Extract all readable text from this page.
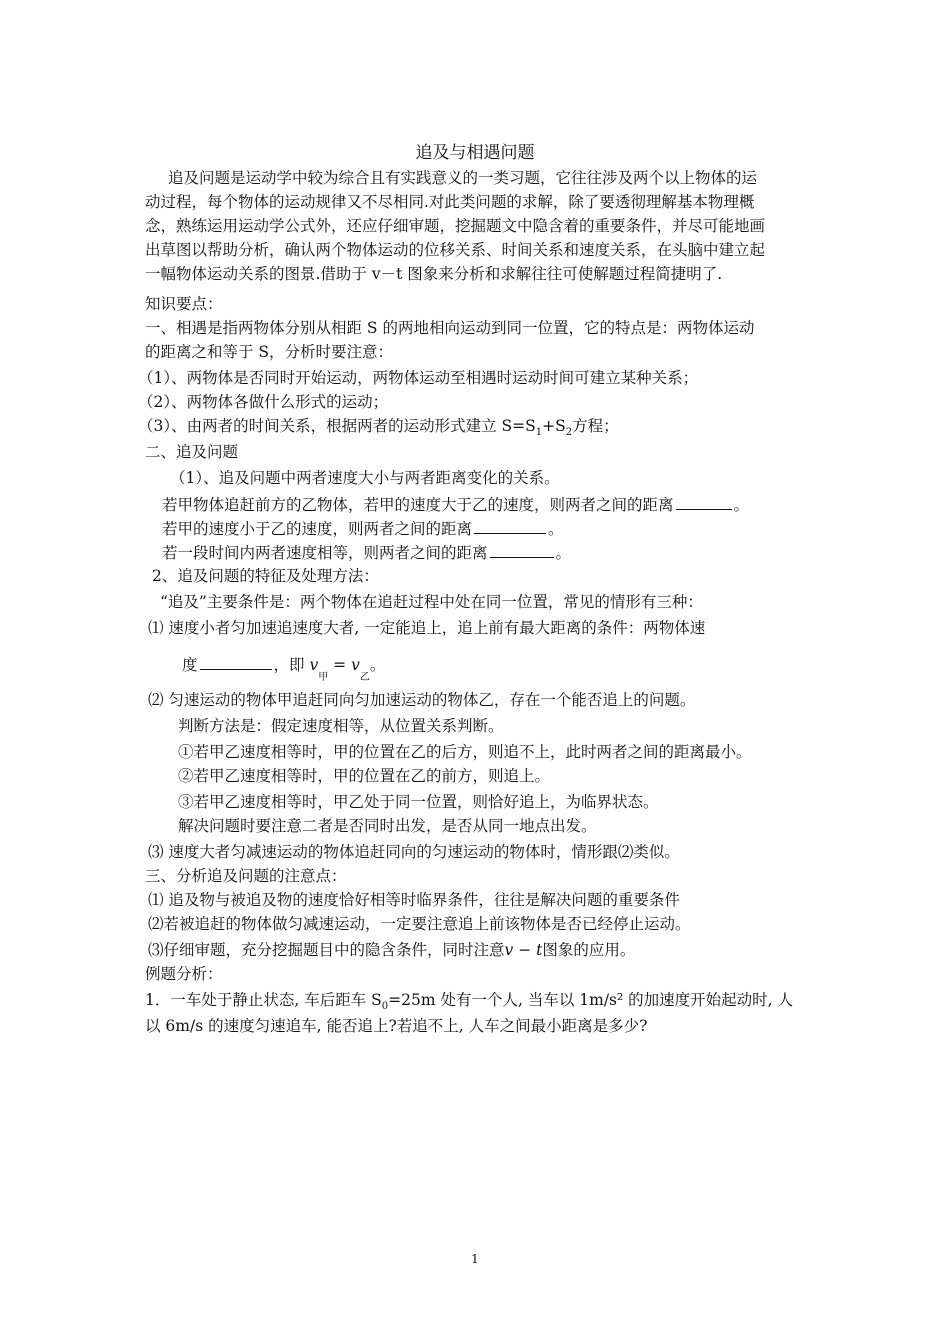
追及与相遇问题
追及问题是运动学中较为综合且有实践意义的一类习题，它往往涉及两个以上物体的运
动过程，每个物体的运动规律又不尽相同.对此类问题的求解，除了要透彻理解基本物理概
念，熟练运用运动学公式外，还应仔细审题，挖掘题文中隐含着的重要条件，并尽可能地画
出草图以帮助分析，确认两个物体运动的位移关系、时间关系和速度关系，在头脑中建立起
一幅物体运动关系的图景.借助于 v－t 图象来分析和求解往往可使解题过程简捷明了.
知识要点：
一、相遇是指两物体分别从相距 S 的两地相向运动到同一位置，它的特点是：两物体运动
的距离之和等于 S，分析时要注意：
（1）、两物体是否同时开始运动，两物体运动至相遇时运动时间可建立某种关系；
（2）、两物体各做什么形式的运动；
（3）、由两者的时间关系，根据两者的运动形式建立 $S=S_1+S_2$方程；
二、追及问题
（1）、追及问题中两者速度大小与两者距离变化的关系。
若甲物体追赶前方的乙物体，若甲的速度大于乙的速度，则两者之间的距离	。
若甲的速度小于乙的速度，则两者之间的距离	。
若一段时间内两者速度相等，则两者之间的距离	。
2、追及问题的特征及处理方法：
“追及”主要条件是：两个物体在追赶过程中处在同一位置，常见的情形有三种：
⑴ 速度小者匀加速追速度大者, 一定能追上，追上前有最大距离的条件：两物体速
度	，即 $v_甲 = v_乙$。
⑵ 匀速运动的物体甲追赶同向匀加速运动的物体乙，存在一个能否追上的问题。
判断方法是：假定速度相等，从位置关系判断。
①若甲乙速度相等时，甲的位置在乙的后方，则追不上，此时两者之间的距离最小。
②若甲乙速度相等时，甲的位置在乙的前方，则追上。
③若甲乙速度相等时，甲乙处于同一位置，则恰好追上，为临界状态。
解决问题时要注意二者是否同时出发，是否从同一地点出发。
⑶ 速度大者匀减速运动的物体追赶同向的匀速运动的物体时，情形跟⑵类似。
三、分析追及问题的注意点：
⑴ 追及物与被追及物的速度恰好相等时临界条件，往往是解决问题的重要条件
⑵若被追赶的物体做匀减速运动，一定要注意追上前该物体是否已经停止运动。
⑶仔细审题，充分挖掘题目中的隐含条件，同时注意v − t图象的应用。
例题分析：
1．一车处于静止状态, 车后距车 $S_0=25m$ 处有一个人, 当车以 1m/s² 的加速度开始起动时, 人
以 6m/s 的速度匀速追车, 能否追上?若追不上, 人车之间最小距离是多少?
1
